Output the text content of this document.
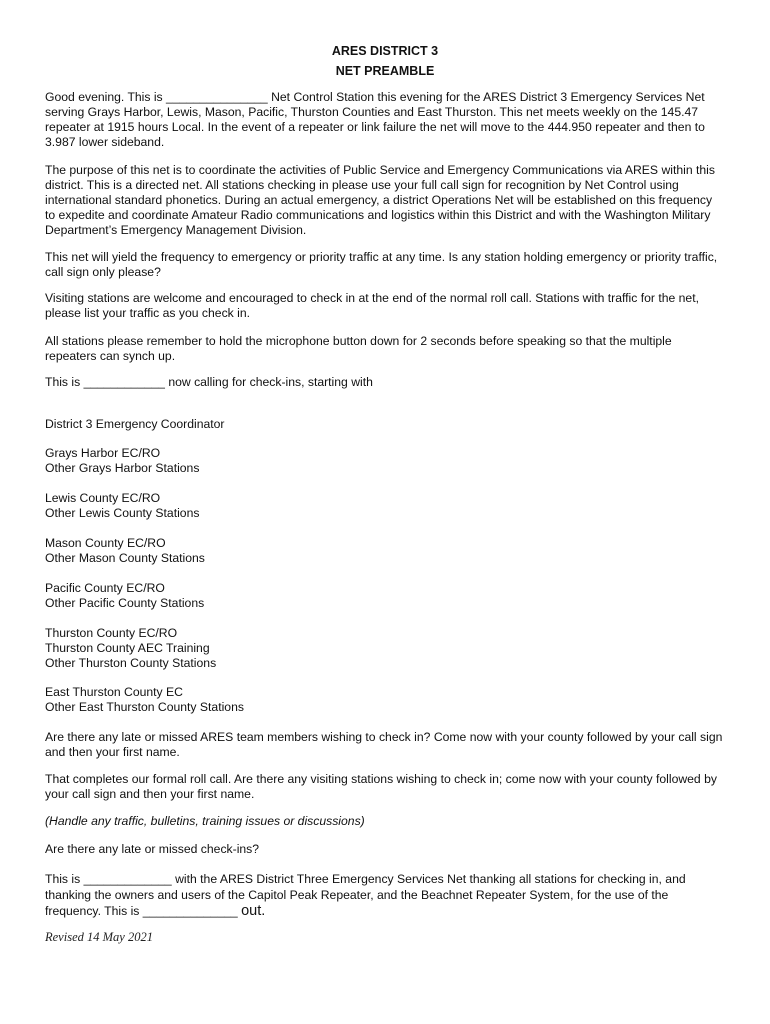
ARES DISTRICT 3
NET PREAMBLE

Good evening. This is _______________ Net Control Station this evening for the ARES District 3 Emergency Services Net serving Grays Harbor, Lewis, Mason, Pacific, Thurston Counties and East Thurston. This net meets weekly on the 145.47 repeater at 1915 hours Local. In the event of a repeater or link failure the net will move to the 444.950 repeater and then to 3.987 lower sideband.

The purpose of this net is to coordinate the activities of Public Service and Emergency Communications via ARES within this district. This is a directed net. All stations checking in please use your full call sign for recognition by Net Control using international standard phonetics. During an actual emergency, a district Operations Net will be established on this frequency to expedite and coordinate Amateur Radio communications and logistics within this District and with the Washington Military Department’s Emergency Management Division.

This net will yield the frequency to emergency or priority traffic at any time. Is any station holding emergency or priority traffic, call sign only please?

Visiting stations are welcome and encouraged to check in at the end of the normal roll call. Stations with traffic for the net, please list your traffic as you check in.

All stations please remember to hold the microphone button down for 2 seconds before speaking so that the multiple repeaters can synch up.

This is ____________ now calling for check-ins, starting with

District 3 Emergency Coordinator
Grays Harbor EC/RO
Other Grays Harbor Stations
Lewis County EC/RO
Other Lewis County Stations
Mason County EC/RO
Other Mason County Stations
Pacific County EC/RO
Other Pacific County Stations
Thurston County EC/RO
Thurston County AEC Training
Other Thurston County Stations
East Thurston County EC
Other East Thurston County Stations

Are there any late or missed ARES team members wishing to check in? Come now with your county followed by your call sign and then your first name.

That completes our formal roll call. Are there any visiting stations wishing to check in; come now with your county followed by your call sign and then your first name.

(Handle any traffic, bulletins, training issues or discussions)

Are there any late or missed check-ins?

This is _____________ with the ARES District Three Emergency Services Net thanking all stations for checking in, and thanking the owners and users of the Capitol Peak Repeater, and the Beachnet Repeater System, for the use of the frequency. This is ______________ out.

Revised 14 May 2021
